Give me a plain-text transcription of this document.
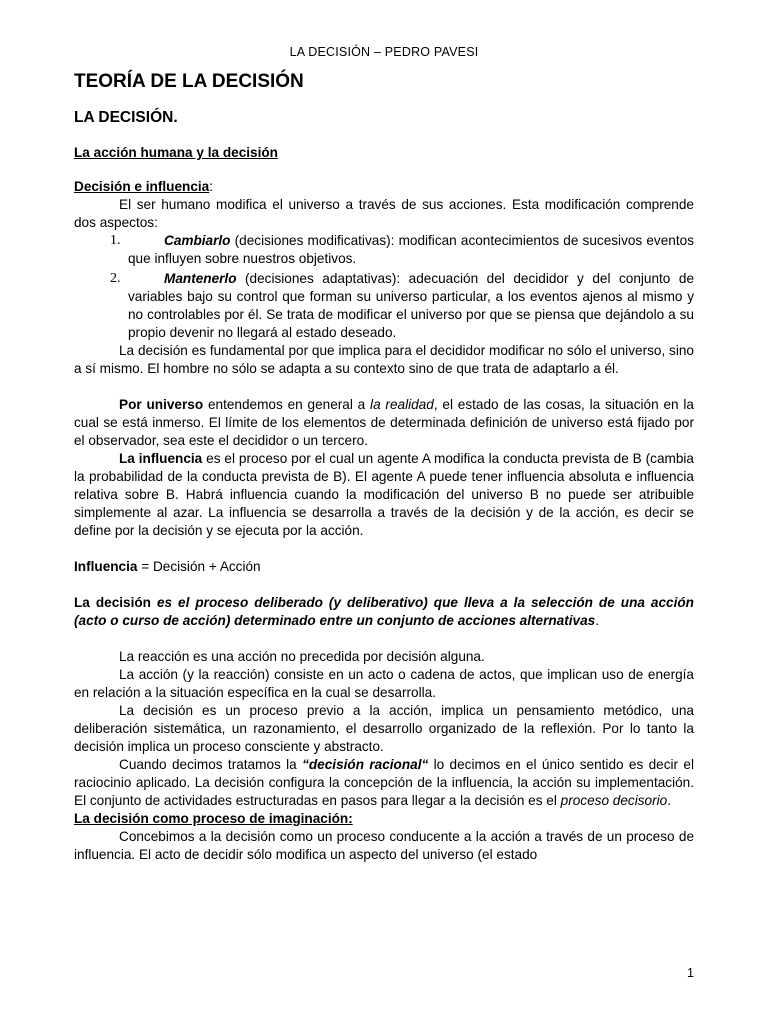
LA DECISIÓN – PEDRO PAVESI
TEORÍA DE LA DECISIÓN
LA DECISIÓN.
La acción humana y la decisión

Decisión e influencia:

El ser humano modifica el universo a través de sus acciones. Esta modificación comprende dos aspectos:

1.	Cambiarlo (decisiones modificativas): modifican acontecimientos de sucesivos eventos que influyen sobre nuestros objetivos.
2.	Mantenerlo (decisiones adaptativas): adecuación del decididor y del conjunto de variables bajo su control que forman su universo particular, a los eventos ajenos al mismo y no controlables por él. Se trata de modificar el universo por que se piensa que dejándolo a su propio devenir no llegará al estado deseado.

La decisión es fundamental por que implica para el decididor modificar no sólo el universo, sino a sí mismo. El hombre no sólo se adapta a su contexto sino de que trata de adaptarlo a él.

Por universo entendemos en general a la realidad, el estado de las cosas, la situación en la cual se está inmerso. El límite de los elementos de determinada definición de universo está fijado por el observador, sea este el decididor o un tercero.

La influencia es el proceso por el cual un agente A modifica la conducta prevista de B (cambia la probabilidad de la conducta prevista de B). El agente A puede tener influencia absoluta e influencia relativa sobre B. Habrá influencia cuando la modificación del universo B no puede ser atribuible simplemente al azar. La influencia se desarrolla a través de la decisión y de la acción, es decir se define por la decisión y se ejecuta por la acción.

Influencia = Decisión + Acción

La decisión es el proceso deliberado (y deliberativo) que lleva a la selección de una acción (acto o curso de acción) determinado entre un conjunto de acciones alternativas.

La reacción es una acción no precedida por decisión alguna.

La acción (y la reacción) consiste en un acto o cadena de actos, que implican uso de energía en relación a la situación específica en la cual se desarrolla.

La decisión es un proceso previo a la acción, implica un pensamiento metódico, una deliberación sistemática, un razonamiento, el desarrollo organizado de la reflexión. Por lo tanto la decisión implica un proceso consciente y abstracto.

Cuando decimos tratamos la “decisión racional“ lo decimos en el único sentido es decir el raciocinio aplicado. La decisión configura la concepción de la influencia, la acción su implementación. El conjunto de actividades estructuradas en pasos para llegar a la decisión es el proceso decisorio.

La decisión como proceso de imaginación:

Concebimos a la decisión como un proceso conducente a la acción a través de un proceso de influencia. El acto de decidir sólo modifica un aspecto del universo (el estado

1
